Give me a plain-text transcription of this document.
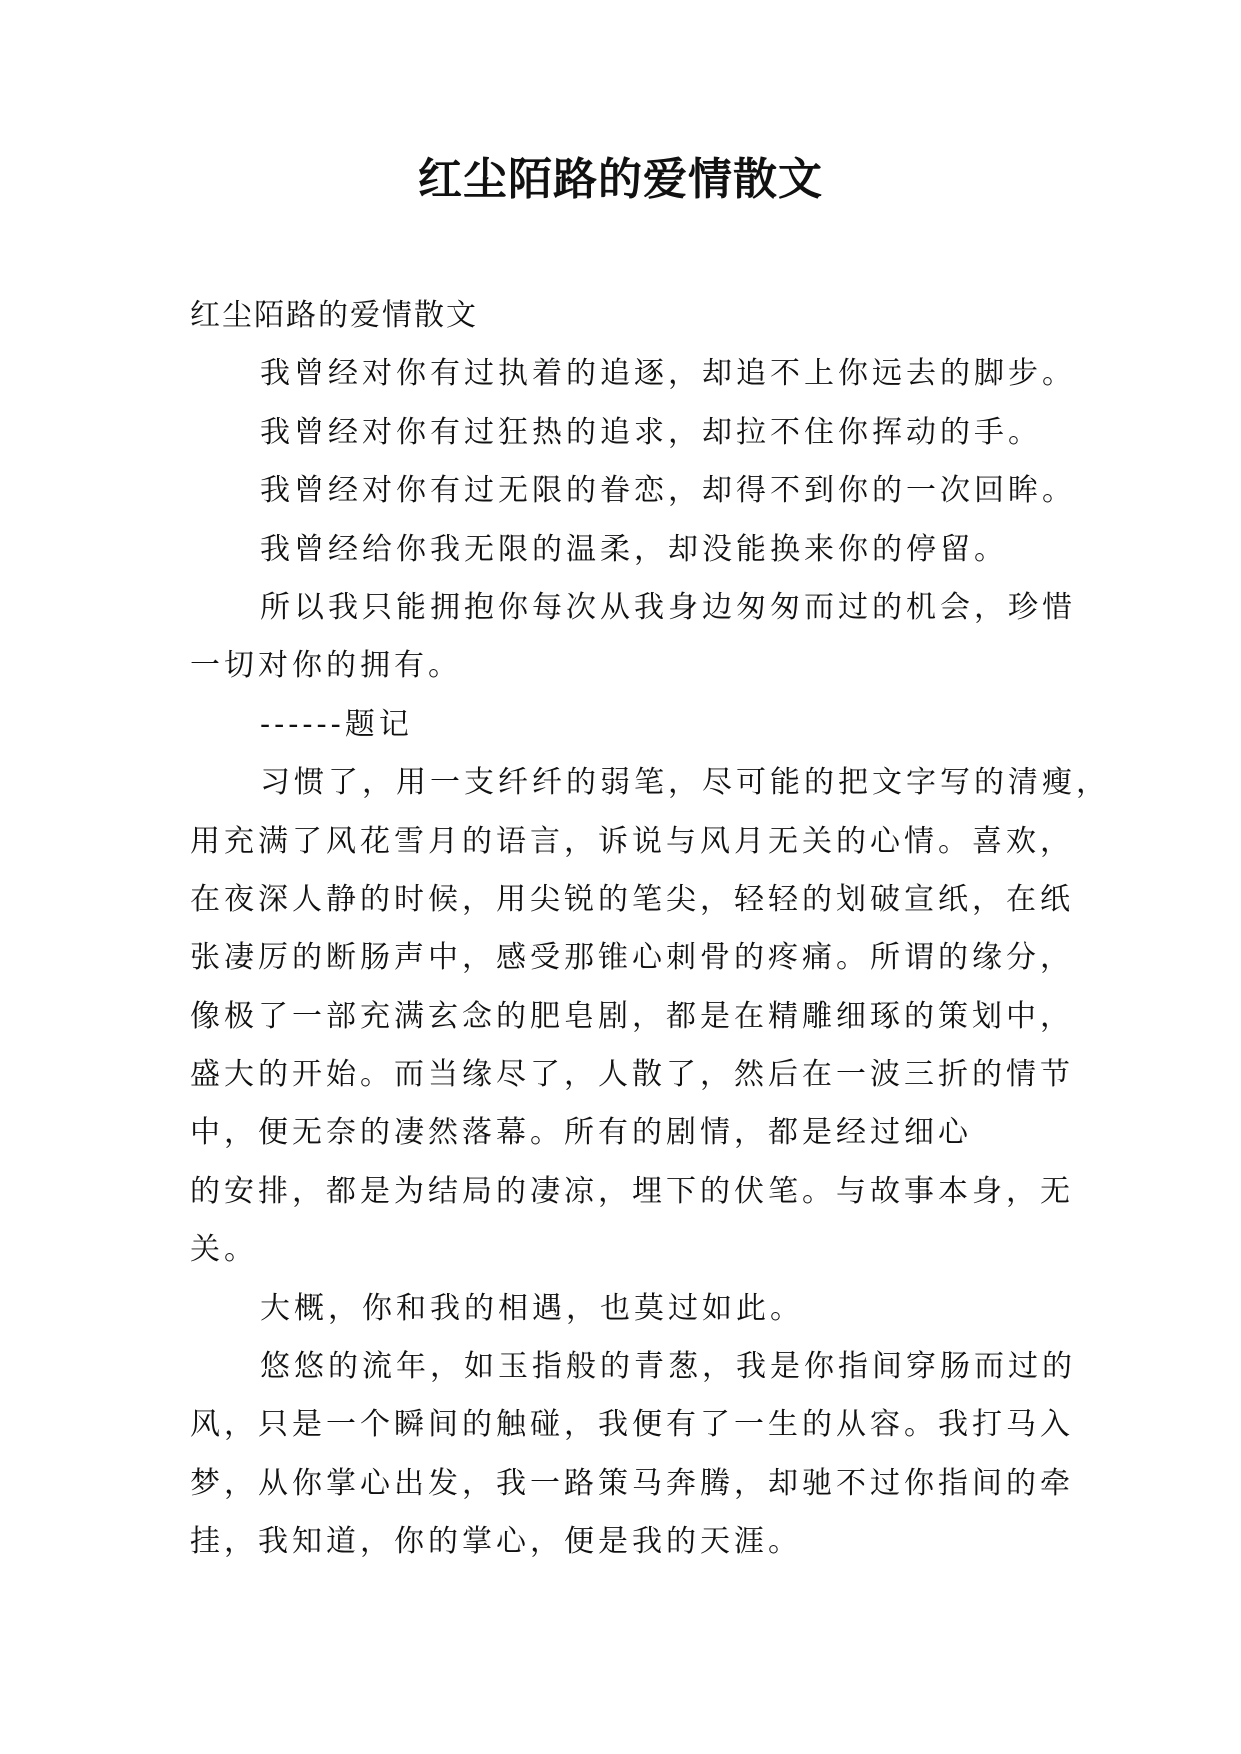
红尘陌路的爱情散文
红尘陌路的爱情散文
我曾经对你有过执着的追逐，却追不上你远去的脚步。
我曾经对你有过狂热的追求，却拉不住你挥动的手。
我曾经对你有过无限的眷恋，却得不到你的一次回眸。
我曾经给你我无限的温柔，却没能换来你的停留。
所以我只能拥抱你每次从我身边匆匆而过的机会，珍惜
一切对你的拥有。
------题记
习惯了，用一支纤纤的弱笔，尽可能的把文字写的清瘦，
用充满了风花雪月的语言，诉说与风月无关的心情。喜欢，
在夜深人静的时候，用尖锐的笔尖，轻轻的划破宣纸，在纸
张凄厉的断肠声中，感受那锥心刺骨的疼痛。所谓的缘分，
像极了一部充满玄念的肥皂剧，都是在精雕细琢的策划中，
盛大的开始。而当缘尽了，人散了，然后在一波三折的情节
中，便无奈的凄然落幕。所有的剧情，都是经过细心
的安排，都是为结局的凄凉，埋下的伏笔。与故事本身，无
关。
大概，你和我的相遇，也莫过如此。
悠悠的流年，如玉指般的青葱，我是你指间穿肠而过的
风，只是一个瞬间的触碰，我便有了一生的从容。我打马入
梦，从你掌心出发，我一路策马奔腾，却驰不过你指间的牵
挂，我知道，你的掌心，便是我的天涯。
